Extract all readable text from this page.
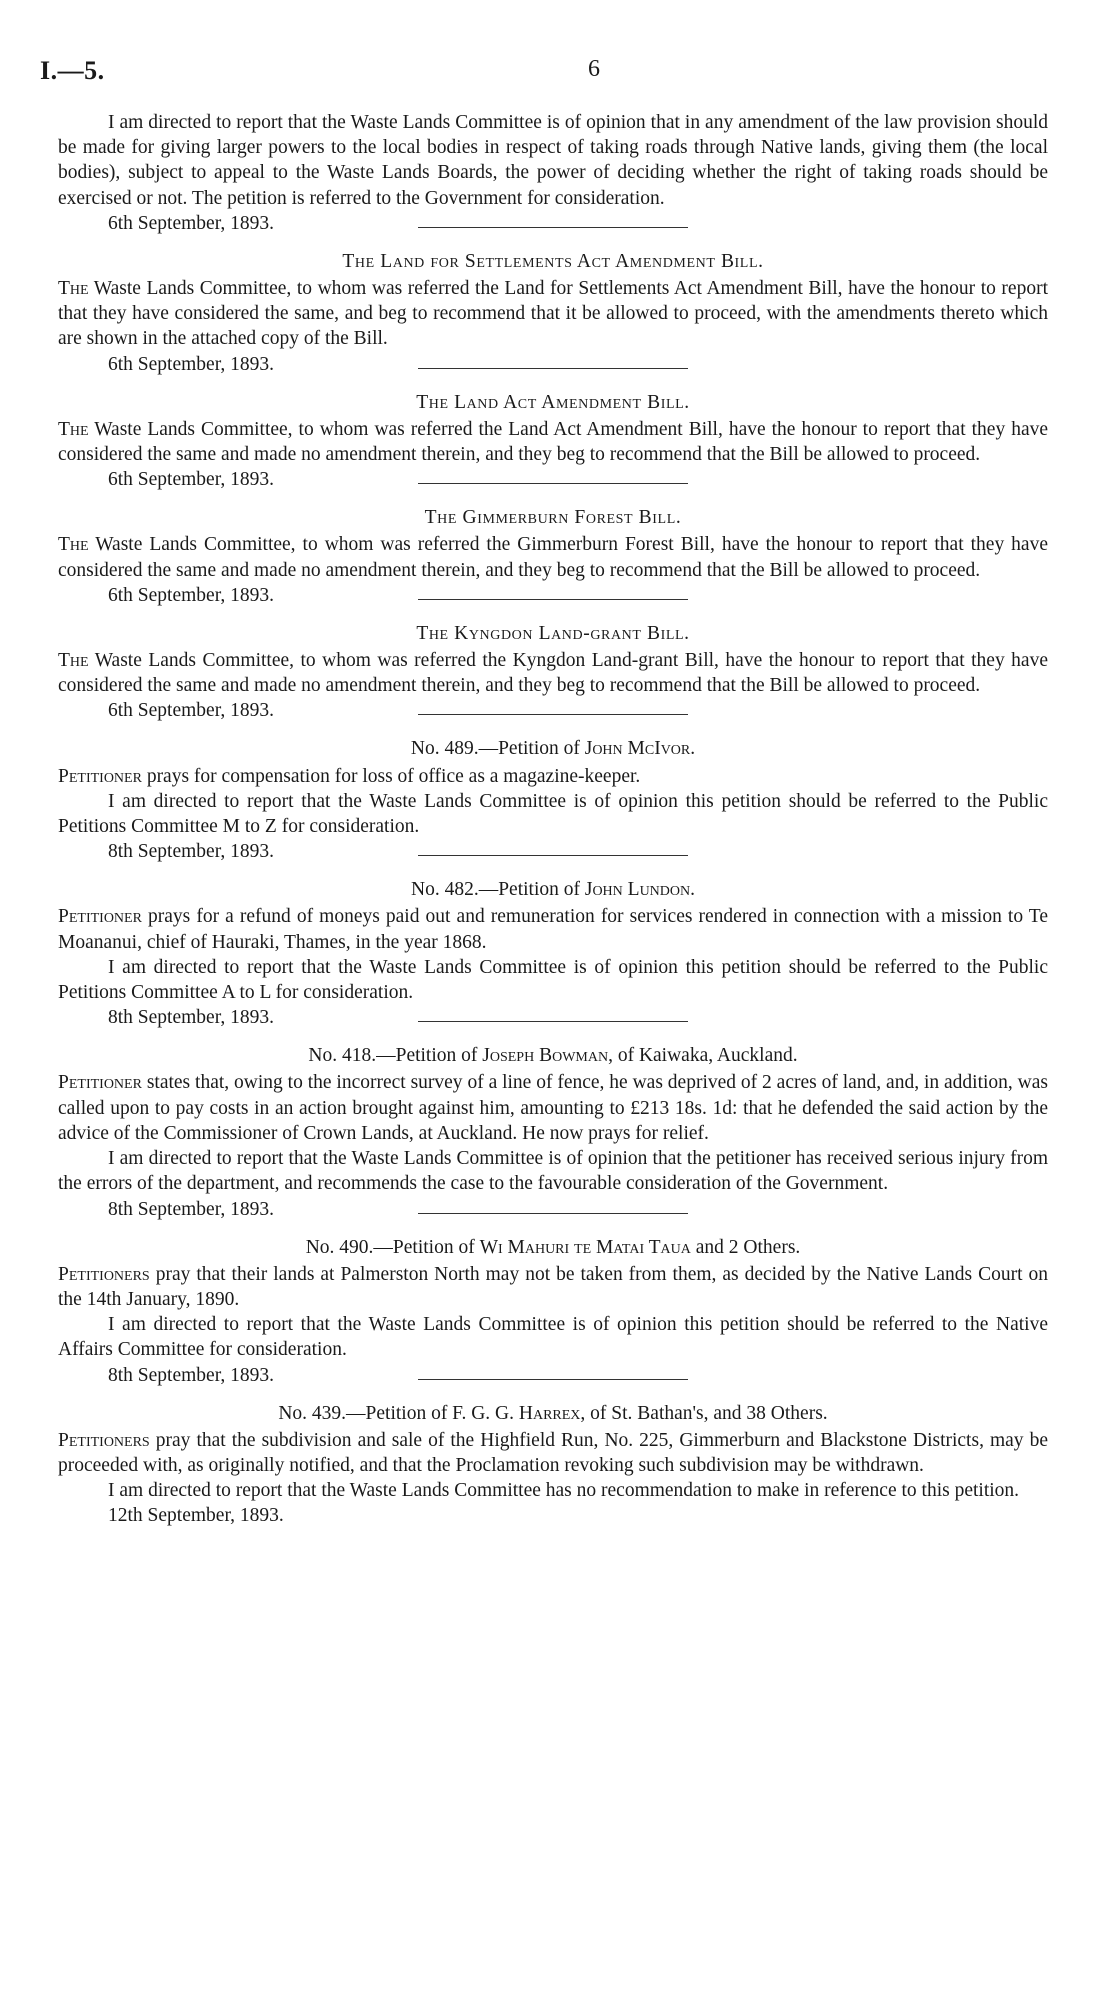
I.—5.	6

I am directed to report that the Waste Lands Committee is of opinion that in any amendment of the law provision should be made for giving larger powers to the local bodies in respect of taking roads through Native lands, giving them (the local bodies), subject to appeal to the Waste Lands Boards, the power of deciding whether the right of taking roads should be exercised or not. The petition is referred to the Government for consideration.

6th September, 1893.

The Land for Settlements Act Amendment Bill.

The Waste Lands Committee, to whom was referred the Land for Settlements Act Amendment Bill, have the honour to report that they have considered the same, and beg to recommend that it be allowed to proceed, with the amendments thereto which are shown in the attached copy of the Bill.

6th September, 1893.

The Land Act Amendment Bill.

The Waste Lands Committee, to whom was referred the Land Act Amendment Bill, have the honour to report that they have considered the same and made no amendment therein, and they beg to recommend that the Bill be allowed to proceed.

6th September, 1893.

The Gimmerburn Forest Bill.

The Waste Lands Committee, to whom was referred the Gimmerburn Forest Bill, have the honour to report that they have considered the same and made no amendment therein, and they beg to recommend that the Bill be allowed to proceed.

6th September, 1893.

The Kyngdon Land-grant Bill.

The Waste Lands Committee, to whom was referred the Kyngdon Land-grant Bill, have the honour to report that they have considered the same and made no amendment therein, and they beg to recommend that the Bill be allowed to proceed.

6th September, 1893.

No. 489.—Petition of John McIvor.

Petitioner prays for compensation for loss of office as a magazine-keeper.

I am directed to report that the Waste Lands Committee is of opinion this petition should be referred to the Public Petitions Committee M to Z for consideration.

8th September, 1893.

No. 482.—Petition of John Lundon.

Petitioner prays for a refund of moneys paid out and remuneration for services rendered in connection with a mission to Te Moananui, chief of Hauraki, Thames, in the year 1868.

I am directed to report that the Waste Lands Committee is of opinion this petition should be referred to the Public Petitions Committee A to L for consideration.

8th September, 1893.

No. 418.—Petition of Joseph Bowman, of Kaiwaka, Auckland.

Petitioner states that, owing to the incorrect survey of a line of fence, he was deprived of 2 acres of land, and, in addition, was called upon to pay costs in an action brought against him, amounting to £213 18s. 1d: that he defended the said action by the advice of the Commissioner of Crown Lands, at Auckland. He now prays for relief.

I am directed to report that the Waste Lands Committee is of opinion that the petitioner has received serious injury from the errors of the department, and recommends the case to the favourable consideration of the Government.

8th September, 1893.

No. 490.—Petition of Wi Mahuri te Matai Taua and 2 Others.

Petitioners pray that their lands at Palmerston North may not be taken from them, as decided by the Native Lands Court on the 14th January, 1890.

I am directed to report that the Waste Lands Committee is of opinion this petition should be referred to the Native Affairs Committee for consideration.

8th September, 1893.

No. 439.—Petition of F. G. G. Harrex, of St. Bathan's, and 38 Others.

Petitioners pray that the subdivision and sale of the Highfield Run, No. 225, Gimmerburn and Blackstone Districts, may be proceeded with, as originally notified, and that the Proclamation revoking such subdivision may be withdrawn.

I am directed to report that the Waste Lands Committee has no recommendation to make in reference to this petition.

12th September, 1893.
